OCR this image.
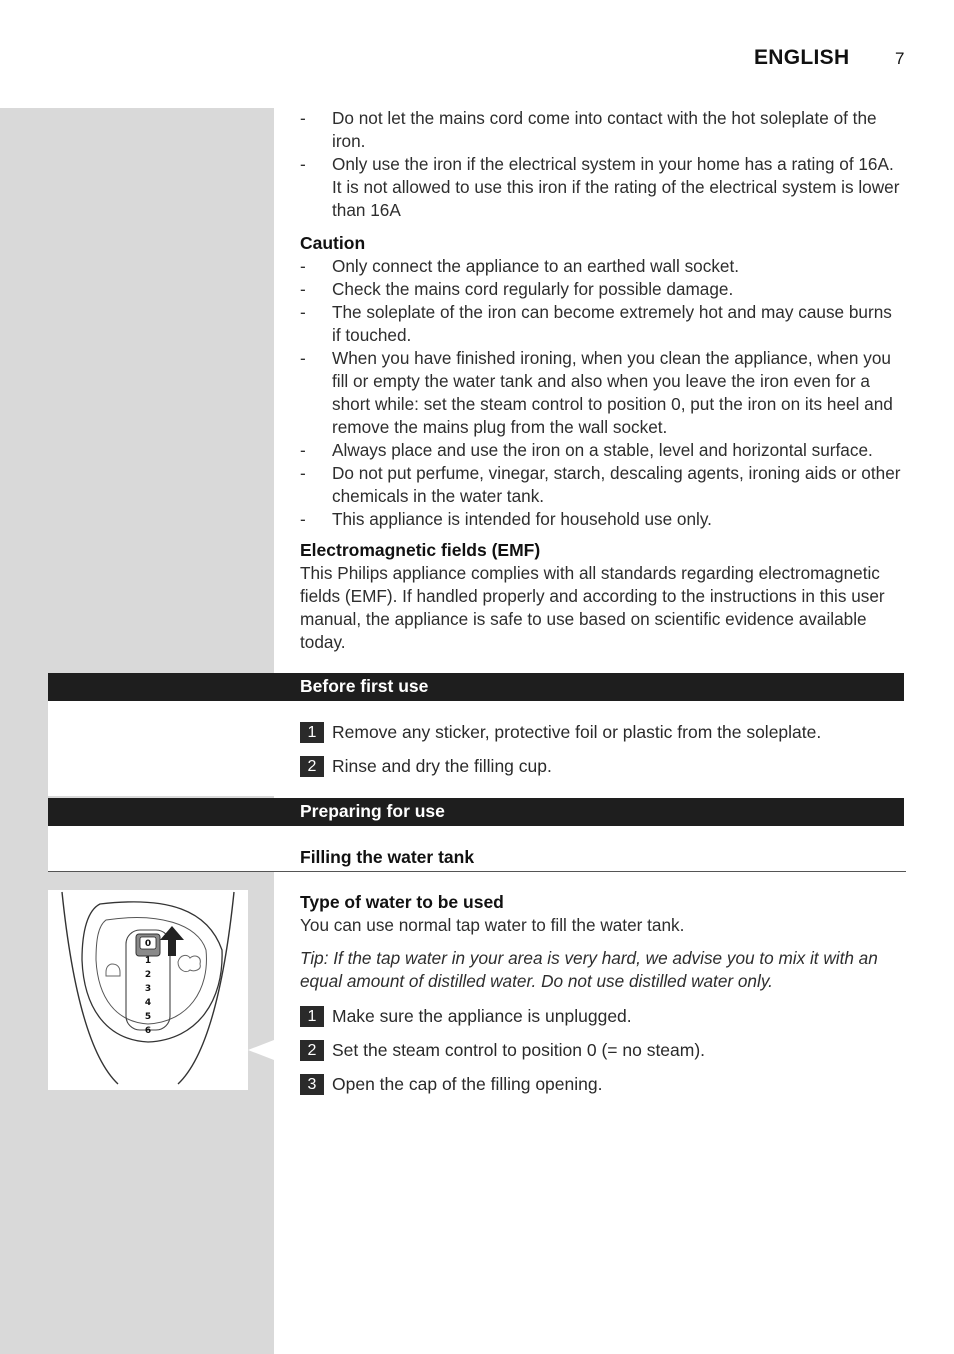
ENGLISH	7
- Do not let the mains cord come into contact with the hot soleplate of the iron.
- Only use the iron if the electrical system in your home has a rating of 16A. It is not allowed to use this iron if the rating of the electrical system is lower than 16A
Caution
- Only connect the appliance to an earthed wall socket.
- Check the mains cord regularly for possible damage.
- The soleplate of the iron can become extremely hot and may cause burns if touched.
- When you have finished ironing, when you clean the appliance, when you fill or empty the water tank and also when you leave the iron even for a short while: set the steam control to position 0, put the iron on its heel and remove the mains plug from the wall socket.
- Always place and use the iron on a stable, level and horizontal surface.
- Do not put perfume, vinegar, starch, descaling agents, ironing aids or other chemicals in the water tank.
- This appliance is intended for household use only.
Electromagnetic fields (EMF)

This Philips appliance complies with all standards regarding electromagnetic fields (EMF). If handled properly and according to the instructions in this user manual, the appliance is safe to use based on scientific evidence available today.

Before first use
1 Remove any sticker, protective foil or plastic from the soleplate.
2 Rinse and dry the filling cup.
Preparing for use
Filling the water tank
Type of water to be used

You can use normal tap water to fill the water tank.

Tip: If the tap water in your area is very hard, we advise you to mix it with an equal amount of distilled water. Do not use distilled water only.

1 Make sure the appliance is unplugged.
2 Set the steam control to position 0 (= no steam).
3 Open the cap of the filling opening.
0
1
2
3
4
5
6
